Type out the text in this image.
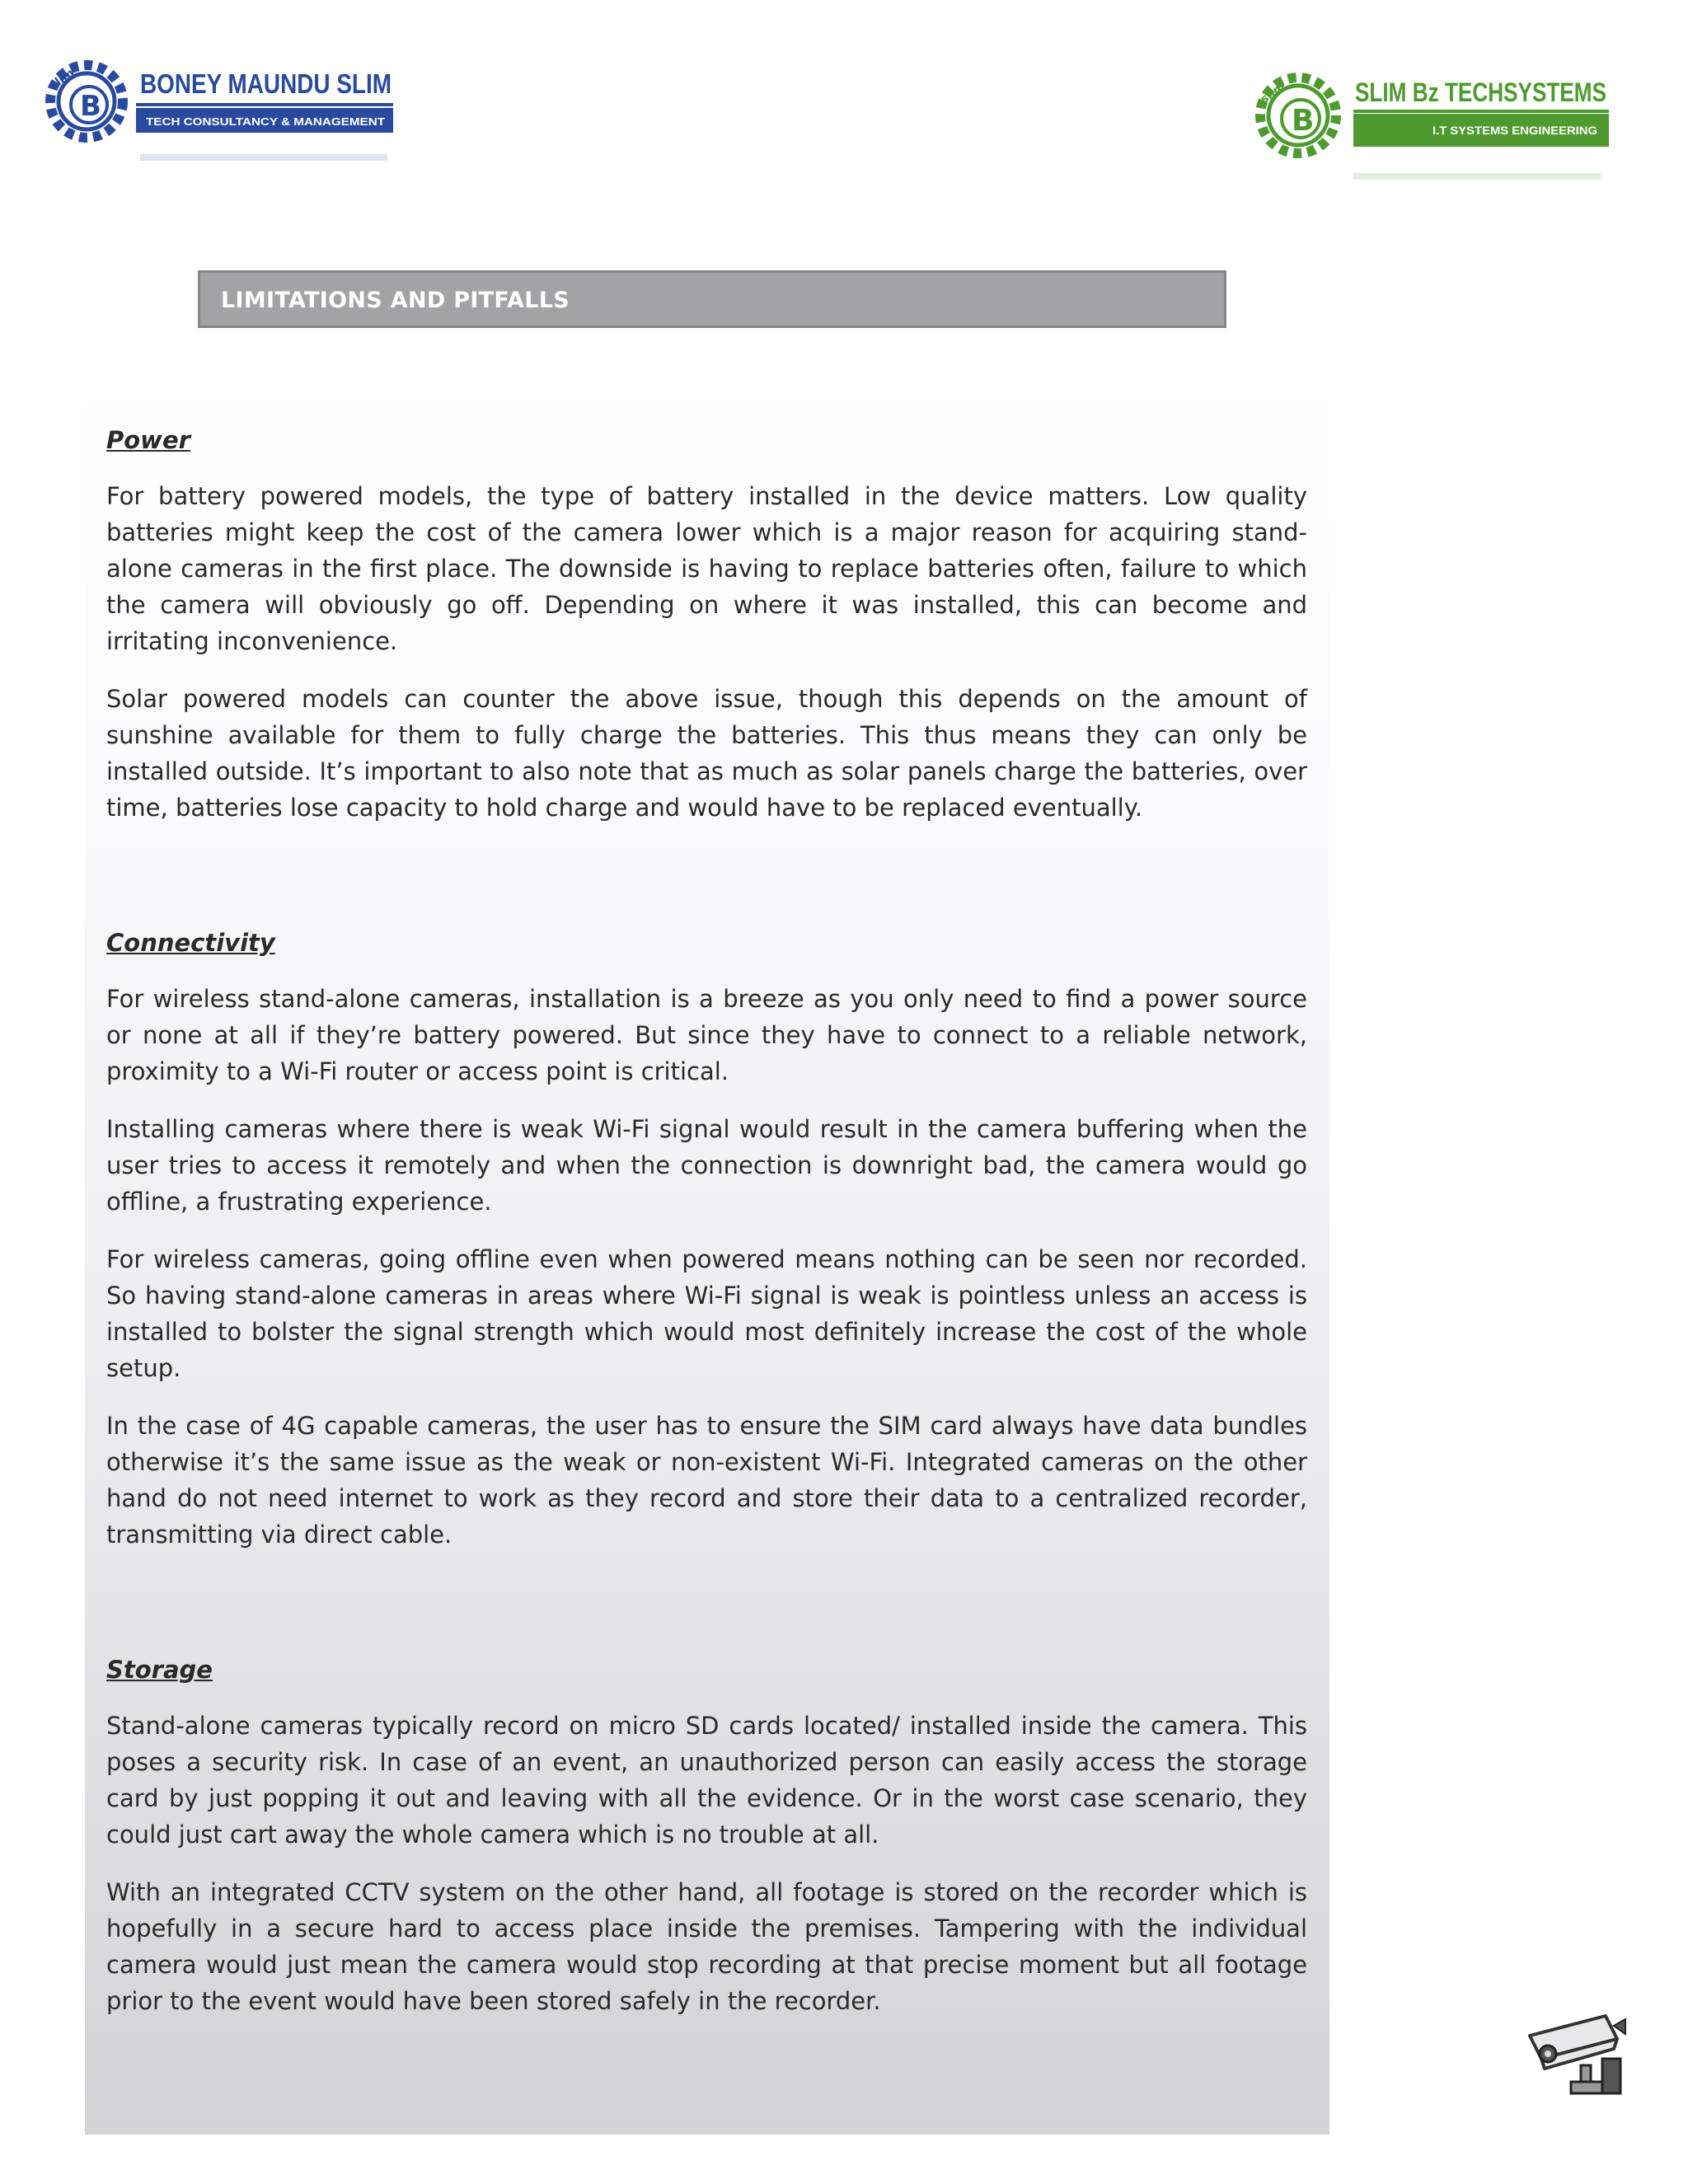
slim
B
BONEY MAUNDU SLIM
TECH CONSULTANCY & MANAGEMENT
slim
B
SLIM Bz TECHSYSTEMS
I.T SYSTEMS ENGINEERING
LIMITATIONS AND PITFALLS

Power

For battery powered models, the type of battery installed in the device matters. Low quality batteries might keep the cost of the camera lower which is a major reason for acquiring stand-alone cameras in the first place. The downside is having to replace batteries often, failure to which the camera will obviously go off. Depending on where it was installed, this can become and irritating inconvenience.

Solar powered models can counter the above issue, though this depends on the amount of sunshine available for them to fully charge the batteries. This thus means they can only be installed outside. It’s important to also note that as much as solar panels charge the batteries, over time, batteries lose capacity to hold charge and would have to be replaced eventually.

Connectivity

For wireless stand-alone cameras, installation is a breeze as you only need to find a power source or none at all if they’re battery powered. But since they have to connect to a reliable network, proximity to a Wi-Fi router or access point is critical.

Installing cameras where there is weak Wi-Fi signal would result in the camera buffering when the user tries to access it remotely and when the connection is downright bad, the camera would go offline, a frustrating experience.

For wireless cameras, going offline even when powered means nothing can be seen nor recorded. So having stand-alone cameras in areas where Wi-Fi signal is weak is pointless unless an access is installed to bolster the signal strength which would most definitely increase the cost of the whole setup.

In the case of 4G capable cameras, the user has to ensure the SIM card always have data bundles otherwise it’s the same issue as the weak or non-existent Wi-Fi. Integrated cameras on the other hand do not need internet to work as they record and store their data to a centralized recorder, transmitting via direct cable.

Storage

Stand-alone cameras typically record on micro SD cards located/ installed inside the camera. This poses a security risk. In case of an event, an unauthorized person can easily access the storage card by just popping it out and leaving with all the evidence. Or in the worst case scenario, they could just cart away the whole camera which is no trouble at all.

With an integrated CCTV system on the other hand, all footage is stored on the recorder which is hopefully in a secure hard to access place inside the premises. Tampering with the individual camera would just mean the camera would stop recording at that precise moment but all footage prior to the event would have been stored safely in the recorder.
